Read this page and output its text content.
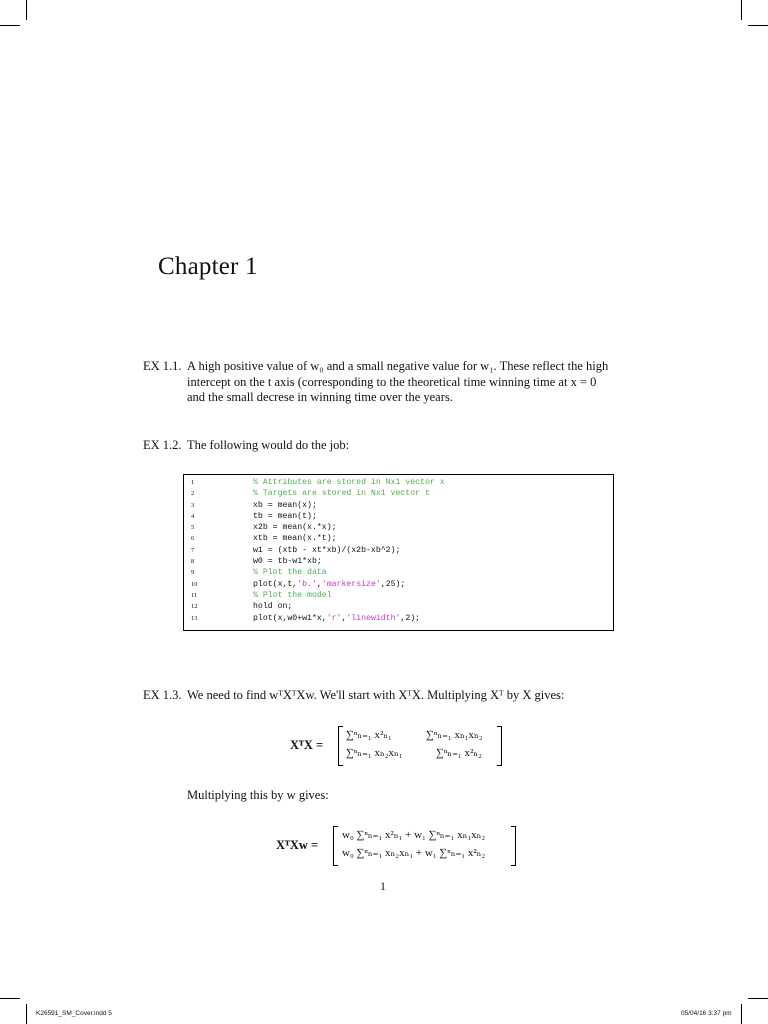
Chapter 1
EX 1.1. A high positive value of w₀ and a small negative value for w₁. These reflect the high intercept on the t axis (corresponding to the theoretical time winning time at x = 0 and the small decrese in winning time over the years.
EX 1.2. The following would do the job:
1	% Attributes are stored in Nx1 vector x
2	% Targets are stored in Nx1 vector t
3	xb = mean(x);
4	tb = mean(t);
5	x2b = mean(x.*x);
6	xtb = mean(x.*t);
7	w1 = (xtb - xt*xb)/(x2b-xb^2);
8	w0 = tb-w1*xb;
9	% Plot the data
10	plot(x,t,'b.','markersize',25);
11	% Plot the model
12	hold on;
13	plot(x,w0+w1*x,'r','linewidth',2);
EX 1.3. We need to find wᵀXᵀXw. We'll start with XᵀX. Multiplying Xᵀ by X gives:
XᵀX =
∑ⁿₙ₌₁ x²ₙ₁	∑ⁿₙ₌₁ xₙ₁xₙ₂
∑ⁿₙ₌₁ xₙ₂xₙ₁	∑ⁿₙ₌₁ x²ₙ₂
Multiplying this by w gives:
XᵀXw =
w₀ ∑ⁿₙ₌₁ x²ₙ₁ + w₁ ∑ⁿₙ₌₁ xₙ₁xₙ₂
w₀ ∑ⁿₙ₌₁ xₙ₂xₙ₁ + w₁ ∑ⁿₙ₌₁ x²ₙ₂
1
K26591_SM_Cover.indd 5	05/04/16 3:37 pm
